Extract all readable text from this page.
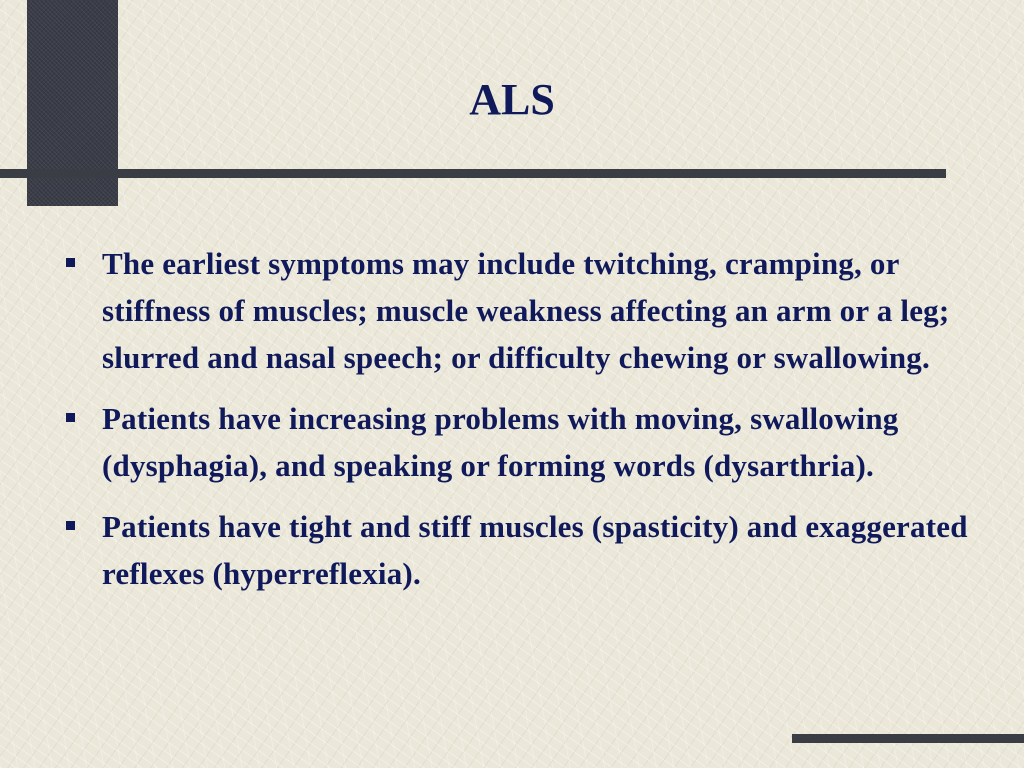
ALS
The earliest symptoms may include twitching, cramping, or stiffness of muscles; muscle weakness affecting an arm or a leg; slurred and nasal speech; or difficulty chewing or swallowing.
Patients have increasing problems with moving, swallowing (dysphagia), and speaking or forming words (dysarthria).
Patients have tight and stiff muscles (spasticity) and exaggerated reflexes (hyperreflexia).
